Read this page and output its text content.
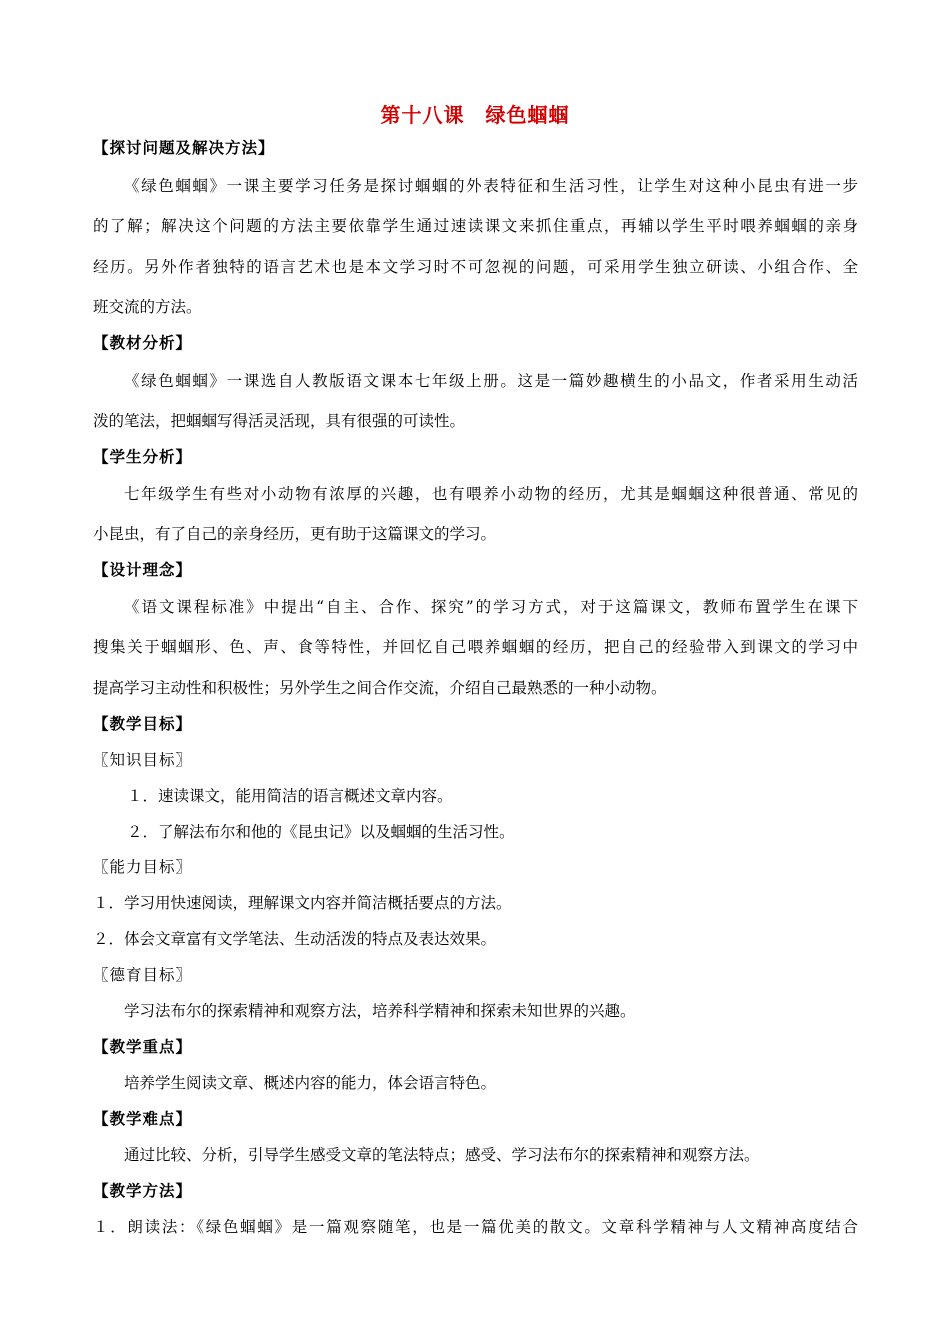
第十八课　绿色蝈蝈
【探讨问题及解决方法】
《绿色蝈蝈》一课主要学习任务是探讨蝈蝈的外表特征和生活习性，让学生对这种小昆虫有进一步
的了解；解决这个问题的方法主要依靠学生通过速读课文来抓住重点，再辅以学生平时喂养蝈蝈的亲身
经历。另外作者独特的语言艺术也是本文学习时不可忽视的问题，可采用学生独立研读、小组合作、全
班交流的方法。
【教材分析】
《绿色蝈蝈》一课选自人教版语文课本七年级上册。这是一篇妙趣横生的小品文，作者采用生动活
泼的笔法，把蝈蝈写得活灵活现，具有很强的可读性。
【学生分析】
七年级学生有些对小动物有浓厚的兴趣，也有喂养小动物的经历，尤其是蝈蝈这种很普通、常见的
小昆虫，有了自己的亲身经历，更有助于这篇课文的学习。
【设计理念】
《语文课程标准》中提出“自主、合作、探究”的学习方式，对于这篇课文，教师布置学生在课下
搜集关于蝈蝈形、色、声、食等特性，并回忆自己喂养蝈蝈的经历，把自己的经验带入到课文的学习中
提高学习主动性和积极性；另外学生之间合作交流，介绍自己最熟悉的一种小动物。
【教学目标】
〖知识目标〗
１．速读课文，能用简洁的语言概述文章内容。
２．了解法布尔和他的《昆虫记》以及蝈蝈的生活习性。
〖能力目标〗
１．学习用快速阅读，理解课文内容并简洁概括要点的方法。
２．体会文章富有文学笔法、生动活泼的特点及表达效果。
〖德育目标〗
学习法布尔的探索精神和观察方法，培养科学精神和探索未知世界的兴趣。
【教学重点】
培养学生阅读文章、概述内容的能力，体会语言特色。
【教学难点】
通过比较、分析，引导学生感受文章的笔法特点；感受、学习法布尔的探索精神和观察方法。
【教学方法】
１．朗读法：《绿色蝈蝈》是一篇观察随笔，也是一篇优美的散文。文章科学精神与人文精神高度结合
